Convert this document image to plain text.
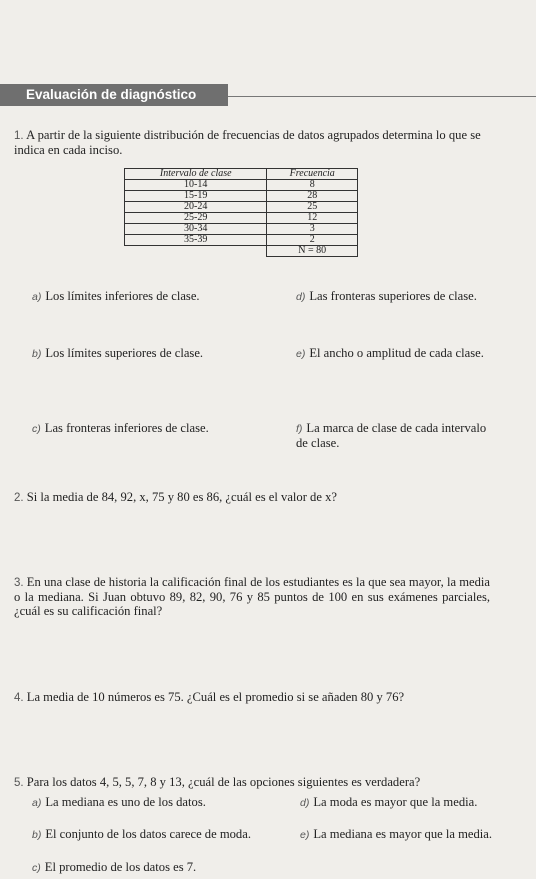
Evaluación de diagnóstico
1. A partir de la siguiente distribución de frecuencias de datos agrupados determina lo que se indica en cada inciso.
Intervalo de clase	Frecuencia
10-14	8
15-19	28
20-24	25
25-29	12
30-34	3
35-39	2
	N = 80
a) Los límites inferiores de clase.	d) Las fronteras superiores de clase.
b) Los límites superiores de clase.	e) El ancho o amplitud de cada clase.
c) Las fronteras inferiores de clase.	f) La marca de clase de cada intervalo de clase.
2. Si la media de 84, 92, x, 75 y 80 es 86, ¿cuál es el valor de x?
3. En una clase de historia la calificación final de los estudiantes es la que sea mayor, la media o la mediana. Si Juan obtuvo 89, 82, 90, 76 y 85 puntos de 100 en sus exámenes parciales, ¿cuál es su calificación final?
4. La media de 10 números es 75. ¿Cuál es el promedio si se añaden 80 y 76?
5. Para los datos 4, 5, 5, 7, 8 y 13, ¿cuál de las opciones siguientes es verdadera?
a) La mediana es uno de los datos.	d) La moda es mayor que la media.
b) El conjunto de los datos carece de moda.	e) La mediana es mayor que la media.
c) El promedio de los datos es 7.
